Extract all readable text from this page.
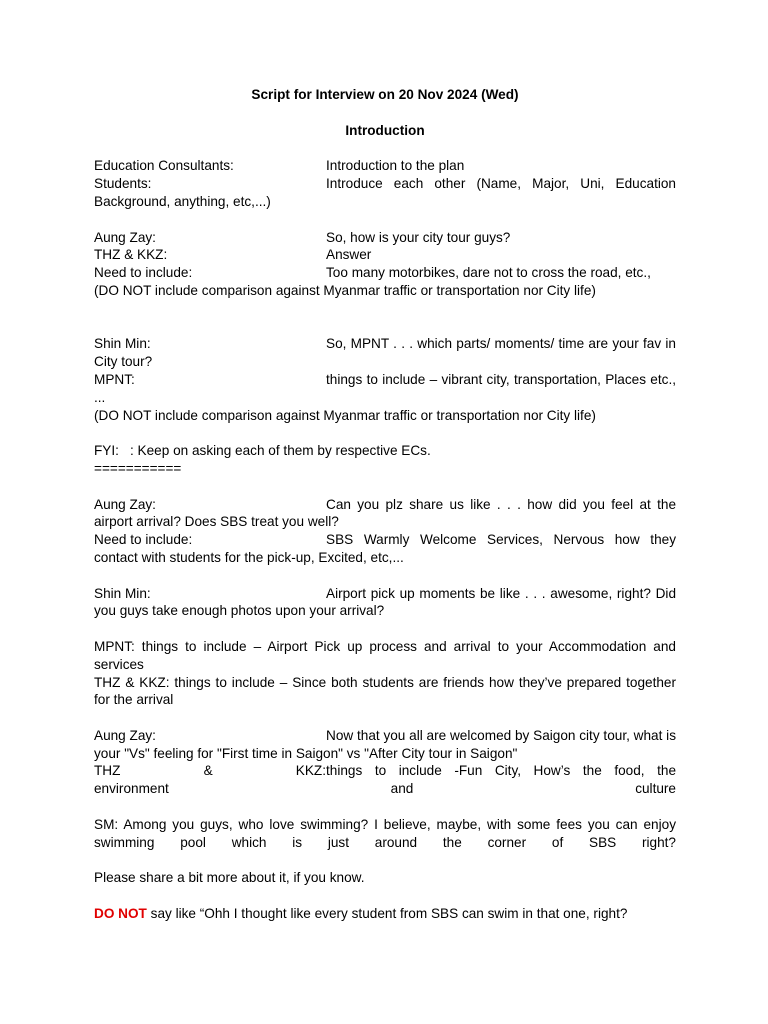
Script for Interview on 20 Nov 2024 (Wed)

Introduction

Education Consultants:	Introduction to the plan

Students:	Introduce each other (Name, Major, Uni, Education Background, anything, etc,...)

Aung Zay:	So, how is your city tour guys?

THZ & KKZ:	Answer

Need to include:	Too many motorbikes, dare not to cross the road, etc.,

(DO NOT include comparison against Myanmar traffic or transportation nor City life)

Shin Min:	So, MPNT . . . which parts/ moments/ time are your fav in City tour?

MPNT:	things to include – vibrant city, transportation, Places etc., ...

(DO NOT include comparison against Myanmar traffic or transportation nor City life)

FYI: : Keep on asking each of them by respective ECs.

===========

Aung Zay:	Can you plz share us like . . . how did you feel at the airport arrival? Does SBS treat you well?

Need to include:	SBS Warmly Welcome Services, Nervous how they contact with students for the pick-up, Excited, etc,...

Shin Min:	Airport pick up moments be like . . . awesome, right? Did you guys take enough photos upon your arrival?

MPNT: things to include – Airport Pick up process and arrival to your Accommodation and services

THZ & KKZ: things to include – Since both students are friends how they’ve prepared together for the arrival

Aung Zay:	Now that you all are welcomed by Saigon city tour, what is your "Vs" feeling for "First time in Saigon" vs "After City tour in Saigon"

THZ & KKZ:things to include -Fun City, How’s the food, the environment and culture

SM: Among you guys, who love swimming? I believe, maybe, with some fees you can enjoy swimming pool which is just around the corner of SBS right?

Please share a bit more about it, if you know.

DO NOT say like “Ohh I thought like every student from SBS can swim in that one, right?
